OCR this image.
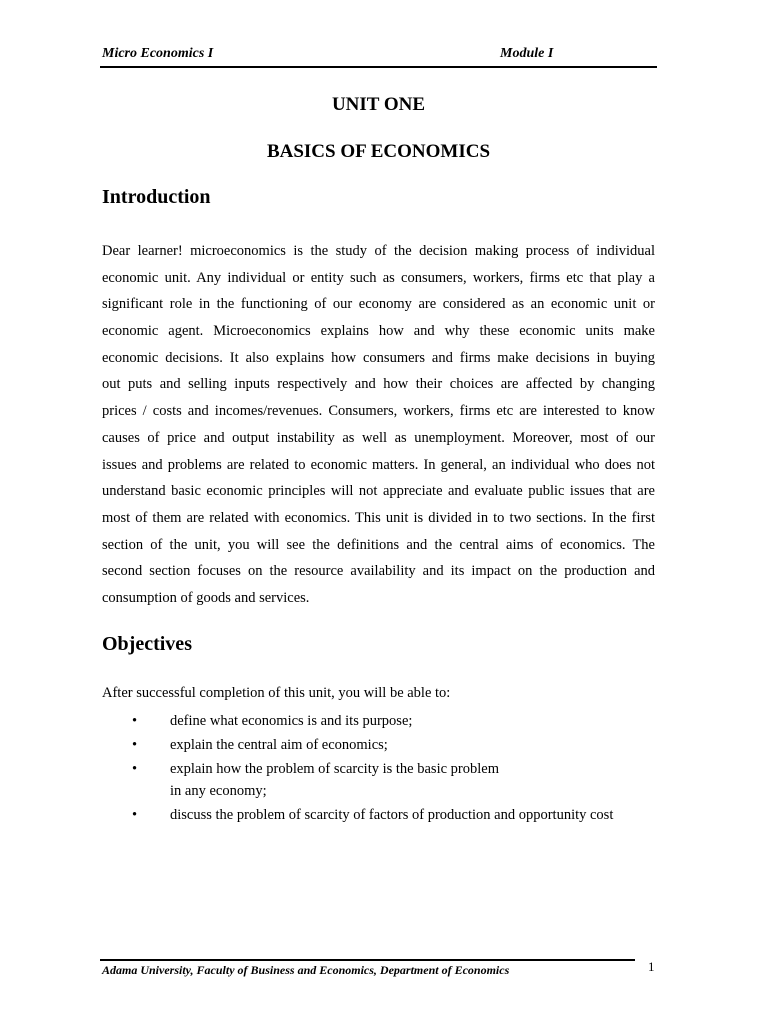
Micro Economics I	Module I
UNIT ONE
BASICS OF ECONOMICS
Introduction
Dear learner! microeconomics is the study of the decision making process of individual
economic unit. Any individual or entity such as consumers, workers, firms etc that play a
significant role in the functioning of our economy are considered as an economic unit or
economic agent. Microeconomics explains how and why these economic units make
economic decisions. It also explains how consumers and firms make decisions in buying
out puts and selling inputs respectively and how their choices are affected by changing
prices / costs and incomes/revenues. Consumers, workers, firms etc are interested to know
causes of price and output instability as well as unemployment. Moreover, most of our
issues and problems are related to economic matters. In general, an individual who does not
understand basic economic principles will not appreciate and evaluate public issues that are
most of them are related with economics. This unit is divided in to two sections. In the first
section of the unit, you will see the definitions and the central aims of economics. The
second section focuses on the resource availability and its impact on the production and
consumption of goods and services.
Objectives
After successful completion of this unit, you will be able to:
• define what economics is and its purpose;
• explain the central aim of economics;
• explain how the problem of scarcity is the basic problem in any economy;
• discuss the problem of scarcity of factors of production and opportunity cost
Adama University, Faculty of Business and Economics, Department of Economics	1
